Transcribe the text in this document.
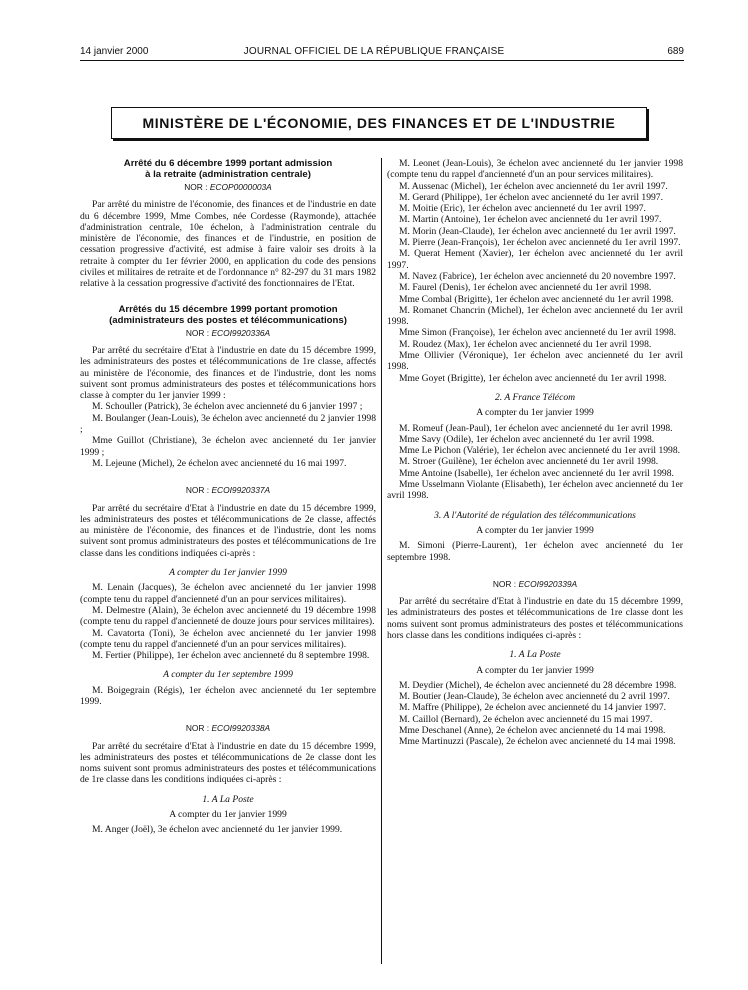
14 janvier 2000	JOURNAL OFFICIEL DE LA RÉPUBLIQUE FRANÇAISE	689
MINISTÈRE DE L'ÉCONOMIE, DES FINANCES ET DE L'INDUSTRIE
Arrêté du 6 décembre 1999 portant admission
à la retraite (administration centrale)
NOR : ECOP0000003A

Par arrêté du ministre de l'économie, des finances et de l'industrie en date du 6 décembre 1999, Mme Combes, née Cordesse (Raymonde), attachée d'administration centrale, 10e échelon, à l'administration centrale du ministère de l'économie, des finances et de l'industrie, en position de cessation progressive d'activité, est admise à faire valoir ses droits à la retraite à compter du 1er février 2000, en application du code des pensions civiles et militaires de retraite et de l'ordonnance n° 82-297 du 31 mars 1982 relative à la cessation progressive d'activité des fonctionnaires de l'Etat.

Arrêtés du 15 décembre 1999 portant promotion
(administrateurs des postes et télécommunications)
NOR : ECOI9920336A

Par arrêté du secrétaire d'Etat à l'industrie en date du 15 décembre 1999, les administrateurs des postes et télécommunications de 1re classe, affectés au ministère de l'économie, des finances et de l'industrie, dont les noms suivent sont promus administrateurs des postes et télécommunications hors classe à compter du 1er janvier 1999 :

M. Schouller (Patrick), 3e échelon avec ancienneté du 6 janvier 1997 ;

M. Boulanger (Jean-Louis), 3e échelon avec ancienneté du 2 janvier 1998 ;

Mme Guillot (Christiane), 3e échelon avec ancienneté du 1er janvier 1999 ;

M. Lejeune (Michel), 2e échelon avec ancienneté du 16 mai 1997.

NOR : ECOI9920337A

Par arrêté du secrétaire d'Etat à l'industrie en date du 15 décembre 1999, les administrateurs des postes et télécommunications de 2e classe, affectés au ministère de l'économie, des finances et de l'industrie, dont les noms suivent sont promus administrateurs des postes et télécommunications de 1re classe dans les conditions indiquées ci-après :

A compter du 1er janvier 1999

M. Lenain (Jacques), 3e échelon avec ancienneté du 1er janvier 1998 (compte tenu du rappel d'ancienneté d'un an pour services militaires).

M. Delmestre (Alain), 3e échelon avec ancienneté du 19 décembre 1998 (compte tenu du rappel d'ancienneté de douze jours pour services militaires).

M. Cavatorta (Toni), 3e échelon avec ancienneté du 1er janvier 1998 (compte tenu du rappel d'ancienneté d'un an pour services militaires).

M. Fertier (Philippe), 1er échelon avec ancienneté du 8 septembre 1998.

A compter du 1er septembre 1999

M. Boigegrain (Régis), 1er échelon avec ancienneté du 1er septembre 1999.

NOR : ECOI9920338A

Par arrêté du secrétaire d'Etat à l'industrie en date du 15 décembre 1999, les administrateurs des postes et télécommunications de 2e classe dont les noms suivent sont promus administrateurs des postes et télécommunications de 1re classe dans les conditions indiquées ci-après :

1. A La Poste

A compter du 1er janvier 1999

M. Anger (Joël), 3e échelon avec ancienneté du 1er janvier 1999.

M. Leonet (Jean-Louis), 3e échelon avec ancienneté du 1er janvier 1998 (compte tenu du rappel d'ancienneté d'un an pour services militaires).

M. Aussenac (Michel), 1er échelon avec ancienneté du 1er avril 1997.

M. Gerard (Philippe), 1er échelon avec ancienneté du 1er avril 1997.

M. Moitie (Eric), 1er échelon avec ancienneté du 1er avril 1997.

M. Martin (Antoine), 1er échelon avec ancienneté du 1er avril 1997.

M. Morin (Jean-Claude), 1er échelon avec ancienneté du 1er avril 1997.

M. Pierre (Jean-François), 1er échelon avec ancienneté du 1er avril 1997.

M. Querat Hement (Xavier), 1er échelon avec ancienneté du 1er avril 1997.

M. Navez (Fabrice), 1er échelon avec ancienneté du 20 novembre 1997.

M. Faurel (Denis), 1er échelon avec ancienneté du 1er avril 1998.

Mme Combal (Brigitte), 1er échelon avec ancienneté du 1er avril 1998.

M. Romanet Chancrin (Michel), 1er échelon avec ancienneté du 1er avril 1998.

Mme Simon (Françoise), 1er échelon avec ancienneté du 1er avril 1998.

M. Roudez (Max), 1er échelon avec ancienneté du 1er avril 1998.

Mme Ollivier (Véronique), 1er échelon avec ancienneté du 1er avril 1998.

Mme Goyet (Brigitte), 1er échelon avec ancienneté du 1er avril 1998.

2. A France Télécom

A compter du 1er janvier 1999

M. Romeuf (Jean-Paul), 1er échelon avec ancienneté du 1er avril 1998.

Mme Savy (Odile), 1er échelon avec ancienneté du 1er avril 1998.

Mme Le Pichon (Valérie), 1er échelon avec ancienneté du 1er avril 1998.

M. Stroer (Guilène), 1er échelon avec ancienneté du 1er avril 1998.

Mme Antoine (Isabelle), 1er échelon avec ancienneté du 1er avril 1998.

Mme Usselmann Violante (Elisabeth), 1er échelon avec ancienneté du 1er avril 1998.

3. A l'Autorité de régulation des télécommunications

A compter du 1er janvier 1999

M. Simoni (Pierre-Laurent), 1er échelon avec ancienneté du 1er septembre 1998.

NOR : ECOI9920339A

Par arrêté du secrétaire d'Etat à l'industrie en date du 15 décembre 1999, les administrateurs des postes et télécommunications de 1re classe dont les noms suivent sont promus administrateurs des postes et télécommunications hors classe dans les conditions indiquées ci-après :

1. A La Poste

A compter du 1er janvier 1999

M. Deydier (Michel), 4e échelon avec ancienneté du 28 décembre 1998.

M. Boutier (Jean-Claude), 3e échelon avec ancienneté du 2 avril 1997.

M. Maffre (Philippe), 2e échelon avec ancienneté du 14 janvier 1997.

M. Caillol (Bernard), 2e échelon avec ancienneté du 15 mai 1997.

Mme Deschanel (Anne), 2e échelon avec ancienneté du 14 mai 1998.

Mme Martinuzzi (Pascale), 2e échelon avec ancienneté du 14 mai 1998.
